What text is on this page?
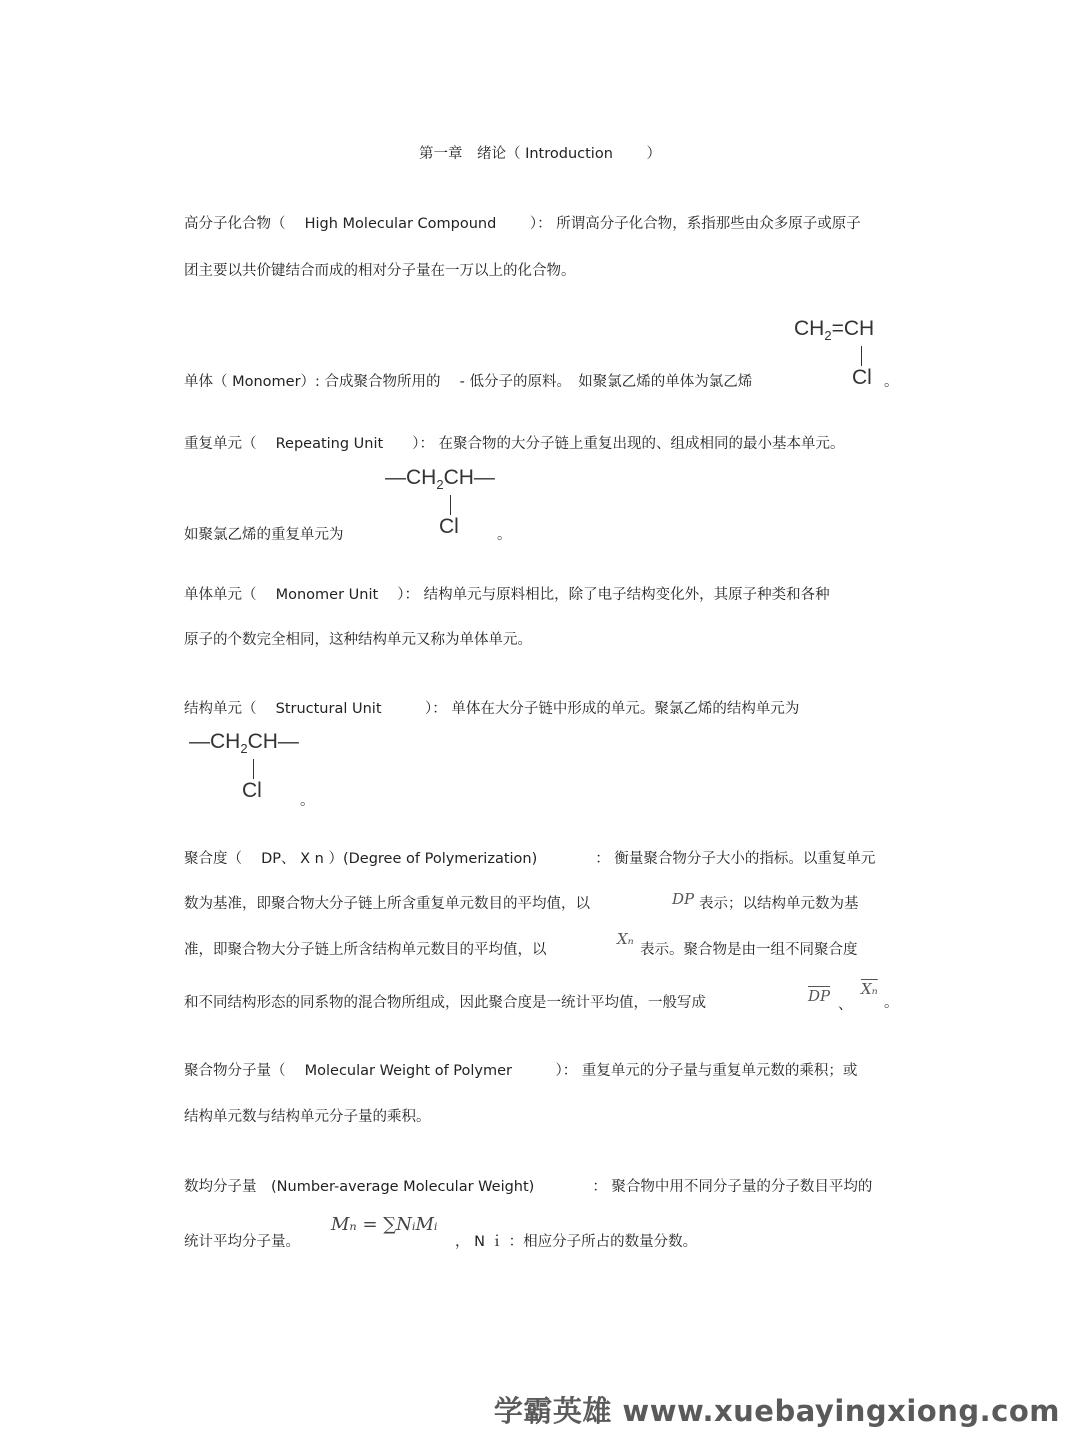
第一章　绪论（ Introduction　　 ）
高分子化合物（　 High Molecular Compound　　 ）： 所谓高分子化合物，系指那些由众多原子或原子
团主要以共价键结合而成的相对分子量在一万以上的化合物。
$CH_2=CH$
Cl
单体（ Monomer）: 合成聚合物所用的　 - 低分子的原料。　如聚氯乙烯的单体为氯乙烯	。
重复单元（　 Repeating Unit　　）： 在聚合物的大分子链上重复出现的、组成相同的最小基本单元。
$—CH_2CH—$
Cl
如聚氯乙烯的重复单元为	。
单体单元（　 Monomer Unit　 ）： 结构单元与原料相比，除了电子结构变化外，其原子种类和各种
原子的个数完全相同，这种结构单元又称为单体单元。
结构单元（　 Structural Unit　　　）： 单体在大分子链中形成的单元。聚氯乙烯的结构单元为
$—CH_2CH—$
Cl	。
聚合度（　 DP、 X n ）(Degree of Polymerization)　　　　： 衡量聚合物分子大小的指标。以重复单元
数为基准，即聚合物大分子链上所含重复单元数目的平均值，以	DP 表示；以结构单元数为基
准，即聚合物大分子链上所含结构单元数目的平均值，以
Xₙ
表示。聚合物是由一组不同聚合度
和不同结构形态的同系物的混合物所组成，因此聚合度是一统计平均值，一般写成	$\overline{DP}$ 、
$\overline{X_n}$
。
聚合物分子量（　 Molecular Weight of Polymer　　　）： 重复单元的分子量与重复单元数的乘积；或
结构单元数与结构单元分子量的乘积。
数均分子量　(Number-average Molecular Weight)　　　　： 聚合物中用不同分子量的分子数目平均的
统计平均分子量。
Mₙ = ∑NᵢMᵢ
， N ｉ ：相应分子所占的数量分数。
学霸英雄 www.xuebayingxiong.com
